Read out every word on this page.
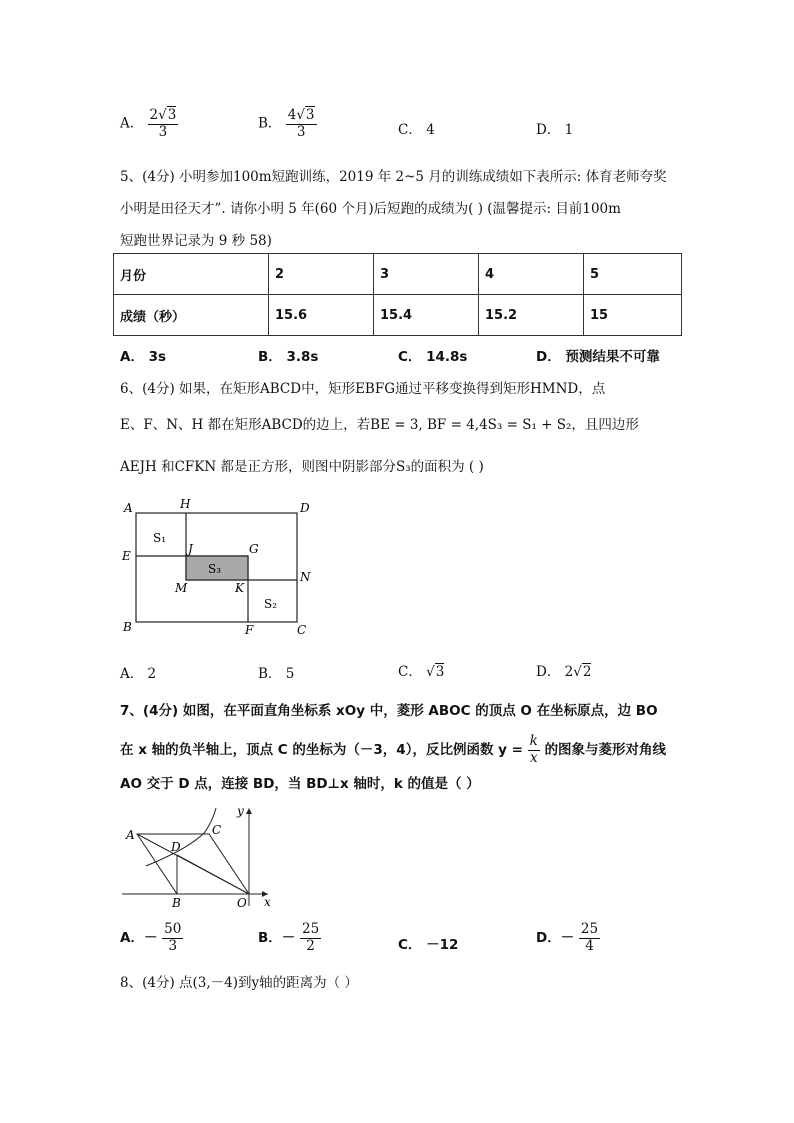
A． $\frac{2√3}{3}$	B． $\frac{4√3}{3}$	C． 4	D． 1
5、(4分) 小明参加100m短跑训练，2019 年 2~5 月的训练成绩如下表所示: 体育老师夸奖
小明是田径天才”. 请你小明 5 年(60 个月)后短跑的成绩为( ) (温馨提示: 目前100m
短跑世界记录为 9 秒 58)
月份	2	3	4	5
成绩（秒）	15.6	15.4	15.2	15
A． 3s	B． 3.8s	C． 14.8s	D． 预测结果不可靠
6、(4分) 如果，在矩形ABCD中，矩形EBFG通过平移变换得到矩形HMND，点
E、F、N、H 都在矩形ABCD的边上，若BE = 3, BF = 4,4S₃ = S₁ + S₂，且四边形
AEJH 和CFKN 都是正方形，则图中阴影部分S₃的面积为 ( )
A	H	D
E	J	G
N
M	K
B	F	C
S₁
S₃
S₂
A． 2	B． 5	C． √3	D． 2√2
7、(4分) 如图，在平面直角坐标系 xOy 中，菱形 ABOC 的顶点 O 在坐标原点，边 BO
在 x 轴的负半轴上，顶点 C 的坐标为（－3，4），反比例函数 $y = \frac{k}{x}$ 的图象与菱形对角线
AO 交于 D 点，连接 BD，当 BD⊥x 轴时，k 的值是（ ）
A	C
D
B	O x
y
A．－ $\frac{50}{3}$	B．－ $\frac{25}{2}$	C． －12	D．－ $\frac{25}{4}$
8、(4分) 点(3,－4)到y轴的距离为（ ）
